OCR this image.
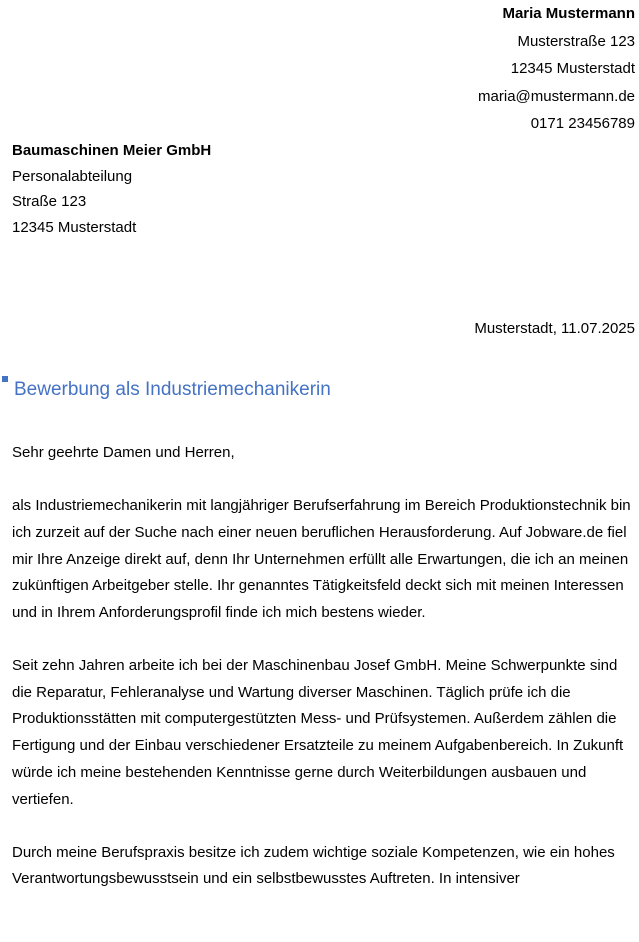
Maria Mustermann
Musterstraße 123
12345 Musterstadt
maria@mustermann.de
0171 23456789
Baumaschinen Meier GmbH
Personalabteilung
Straße 123
12345 Musterstadt
Musterstadt, 11.07.2025
Bewerbung als Industriemechanikerin

Sehr geehrte Damen und Herren,

als Industriemechanikerin mit langjähriger Berufserfahrung im Bereich Produktionstechnik bin ich zurzeit auf der Suche nach einer neuen beruflichen Herausforderung. Auf Jobware.de fiel mir Ihre Anzeige direkt auf, denn Ihr Unternehmen erfüllt alle Erwartungen, die ich an meinen zukünftigen Arbeitgeber stelle. Ihr genanntes Tätigkeitsfeld deckt sich mit meinen Interessen und in Ihrem Anforderungsprofil finde ich mich bestens wieder.

Seit zehn Jahren arbeite ich bei der Maschinenbau Josef GmbH. Meine Schwerpunkte sind die Reparatur, Fehleranalyse und Wartung diverser Maschinen. Täglich prüfe ich die Produktionsstätten mit computergestützten Mess- und Prüfsystemen. Außerdem zählen die Fertigung und der Einbau verschiedener Ersatzteile zu meinem Aufgabenbereich. In Zukunft würde ich meine bestehenden Kenntnisse gerne durch Weiterbildungen ausbauen und vertiefen.

Durch meine Berufspraxis besitze ich zudem wichtige soziale Kompetenzen, wie ein hohes Verantwortungsbewusstsein und ein selbstbewusstes Auftreten. In intensiver
